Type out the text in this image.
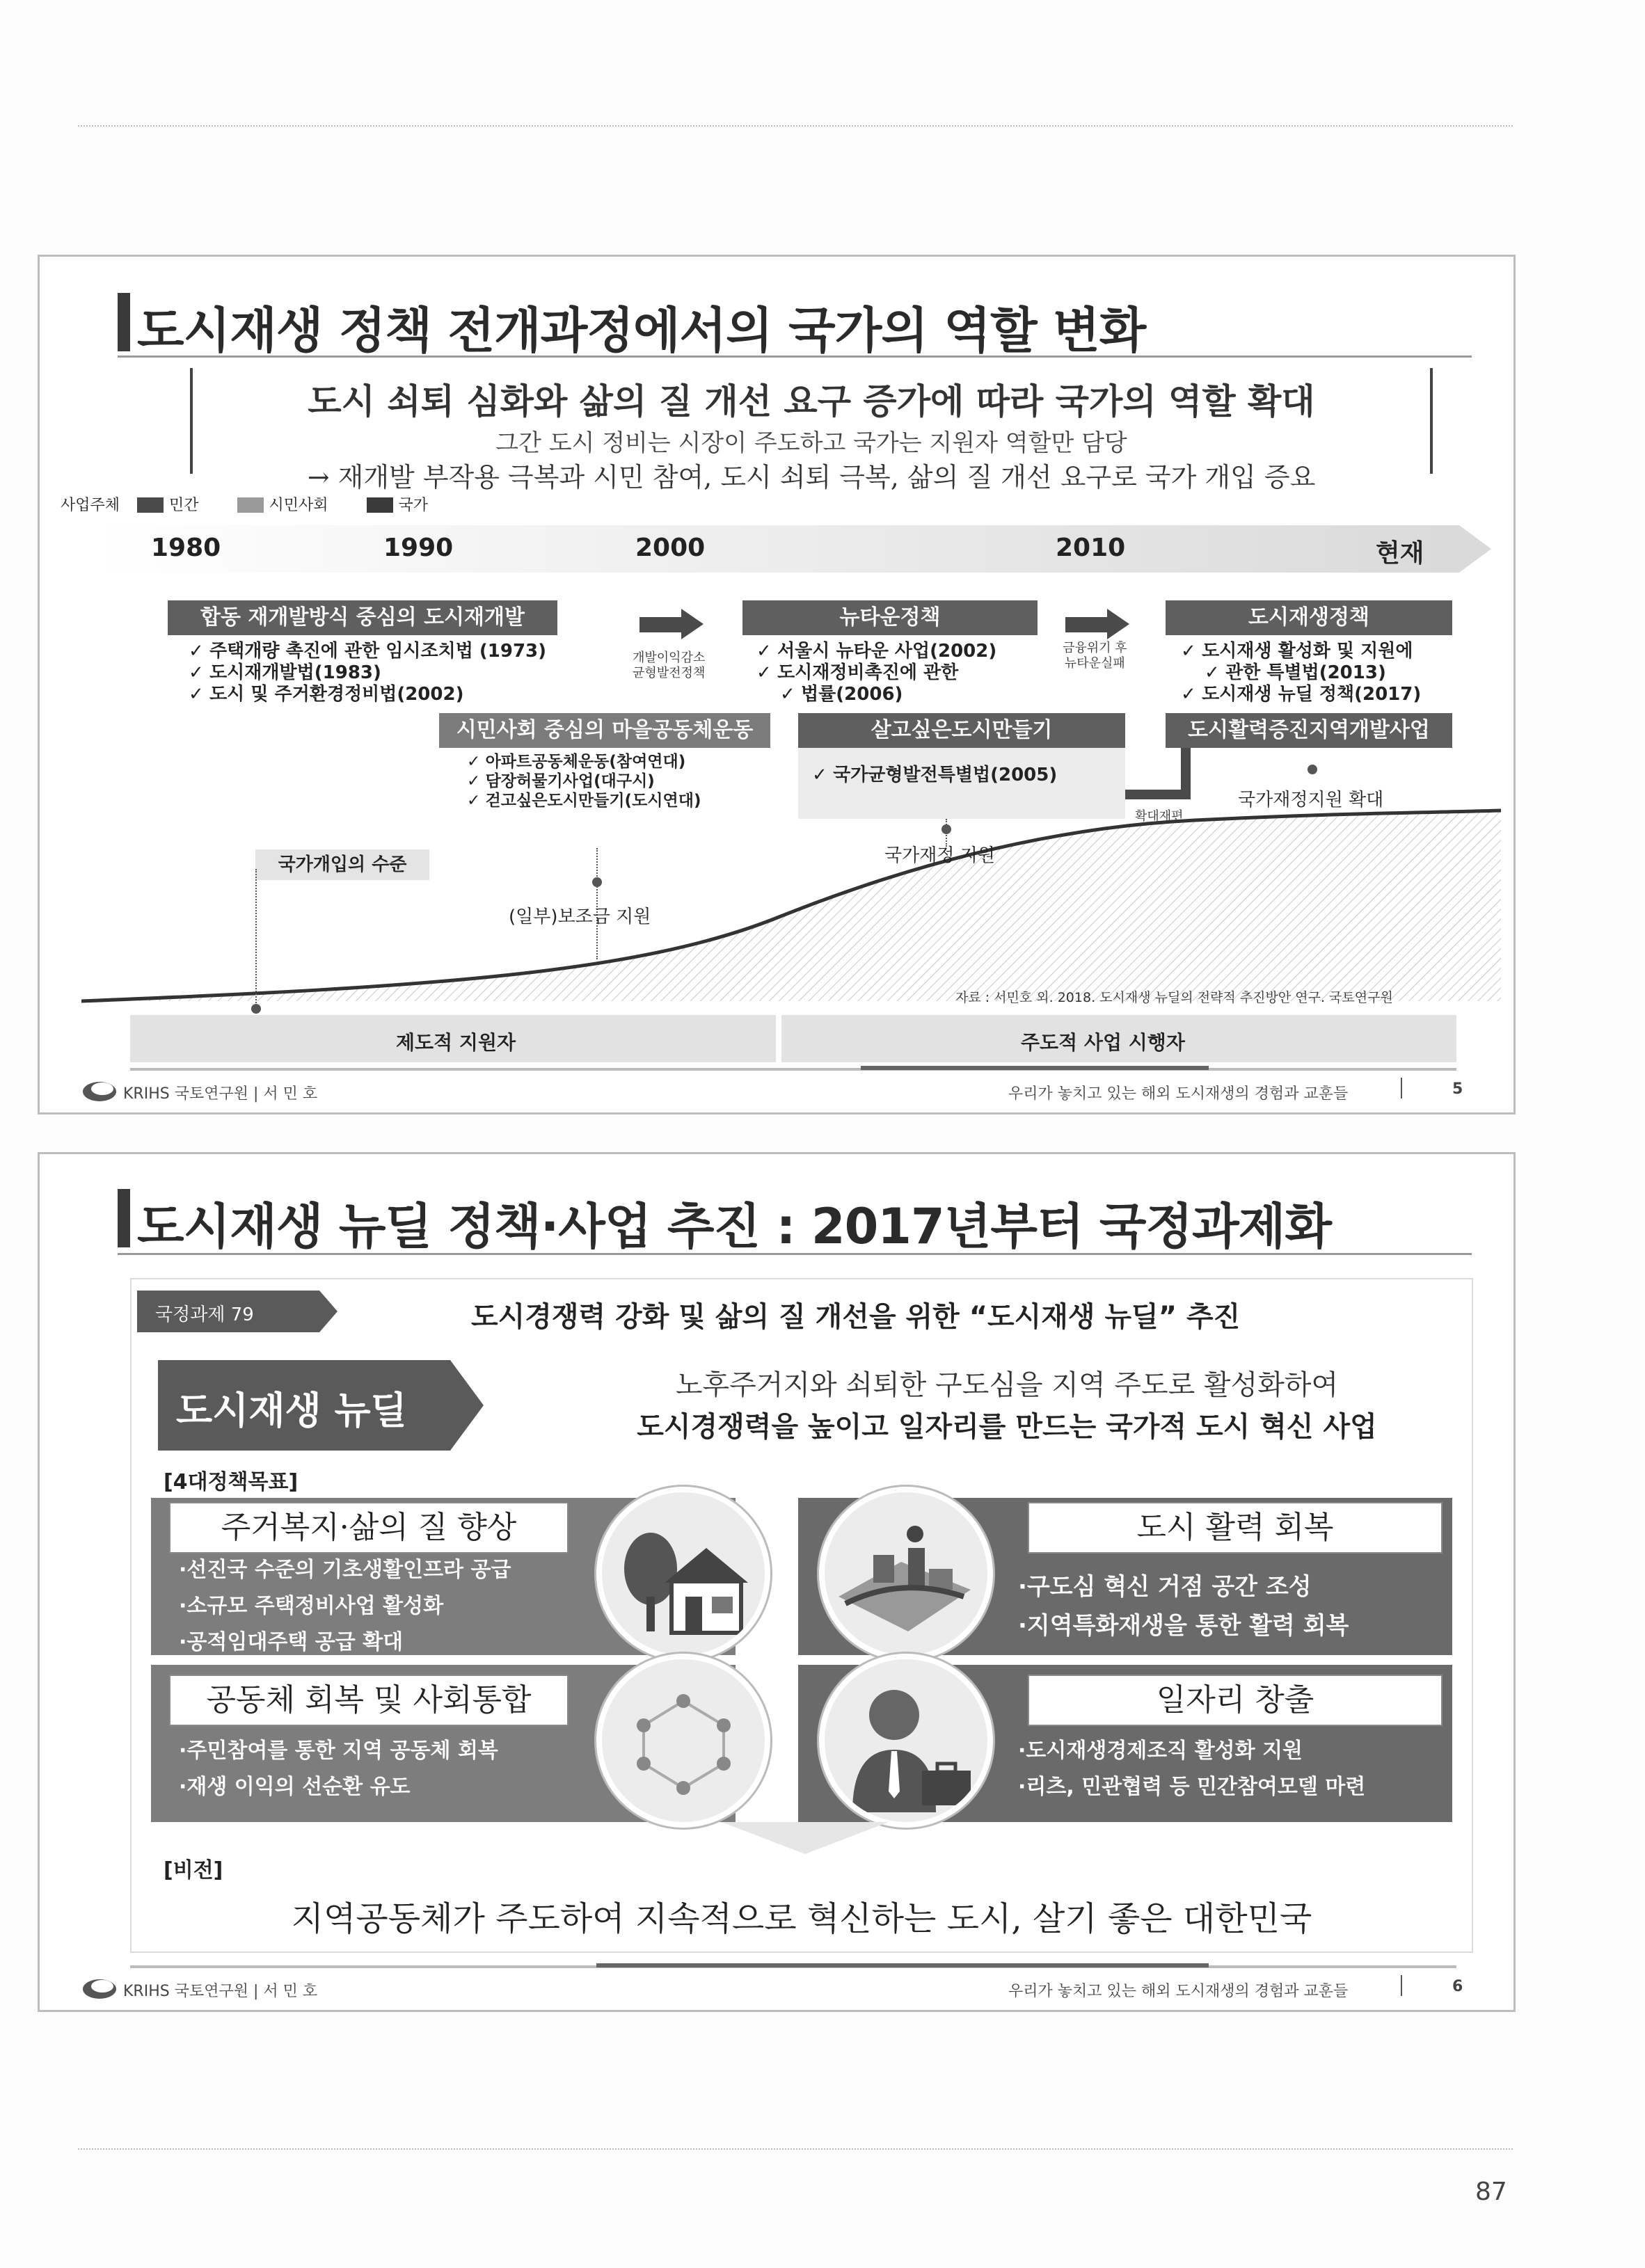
도시재생 정책 전개과정에서의 국가의 역할 변화
도시 쇠퇴 심화와 삶의 질 개선 요구 증가에 따라 국가의 역할 확대
그간 도시 정비는 시장이 주도하고 국가는 지원자 역할만 담당
→ 재개발 부작용 극복과 시민 참여, 도시 쇠퇴 극복, 삶의 질 개선 요구로 국가 개입 증요
사업주체	민간	시민사회	국가
1980	1990	2000	2010	현재
합동 재개발방식 중심의 도시재개발
✓ 주택개량 촉진에 관한 임시조치법 (1973)
✓ 도시재개발법(1983)
✓ 도시 및 주거환경정비법(2002)
개발이익감소
균형발전정책
뉴타운정책
✓ 서울시 뉴타운 사업(2002)
✓ 도시재정비촉진에 관한
✓ 법률(2006)
금융위기 후
뉴타운실패
도시재생정책
✓ 도시재생 활성화 및 지원에
✓ 관한 특별법(2013)
✓ 도시재생 뉴딜 정책(2017)
시민사회 중심의 마을공동체운동
✓ 아파트공동체운동(참여연대)
✓ 담장허물기사업(대구시)
✓ 걷고싶은도시만들기(도시연대)
살고싶은도시만들기
✓ 국가균형발전특별법(2005)
확대재편
도시활력증진지역개발사업
국가개입의 수준
(일부)보조금 지원
국가재정 지원
국가재정지원 확대
자료 : 서민호 외. 2018. 도시재생 뉴딜의 전략적 추진방안 연구. 국토연구원
제도적 지원자	주도적 사업 시행자
KRIHS 국토연구원 | 서 민 호	우리가 놓치고 있는 해외 도시재생의 경험과 교훈들	5
도시재생 뉴딜 정책·사업 추진 : 2017년부터 국정과제화
국정과제 79	도시경쟁력 강화 및 삶의 질 개선을 위한 “도시재생 뉴딜” 추진
도시재생 뉴딜
노후주거지와 쇠퇴한 구도심을 지역 주도로 활성화하여
도시경쟁력을 높이고 일자리를 만드는 국가적 도시 혁신 사업
[4대정책목표]
주거복지·삶의 질 향상
· 선진국 수준의 기초생활인프라 공급
· 소규모 주택정비사업 활성화
· 공적임대주택 공급 확대
도시 활력 회복
· 구도심 혁신 거점 공간 조성
· 지역특화재생을 통한 활력 회복
공동체 회복 및 사회통합
· 주민참여를 통한 지역 공동체 회복
· 재생 이익의 선순환 유도
일자리 창출
· 도시재생경제조직 활성화 지원
· 리츠, 민관협력 등 민간참여모델 마련
[비전]
지역공동체가 주도하여 지속적으로 혁신하는 도시, 살기 좋은 대한민국
KRIHS 국토연구원 | 서 민 호	우리가 놓치고 있는 해외 도시재생의 경험과 교훈들	6
87
